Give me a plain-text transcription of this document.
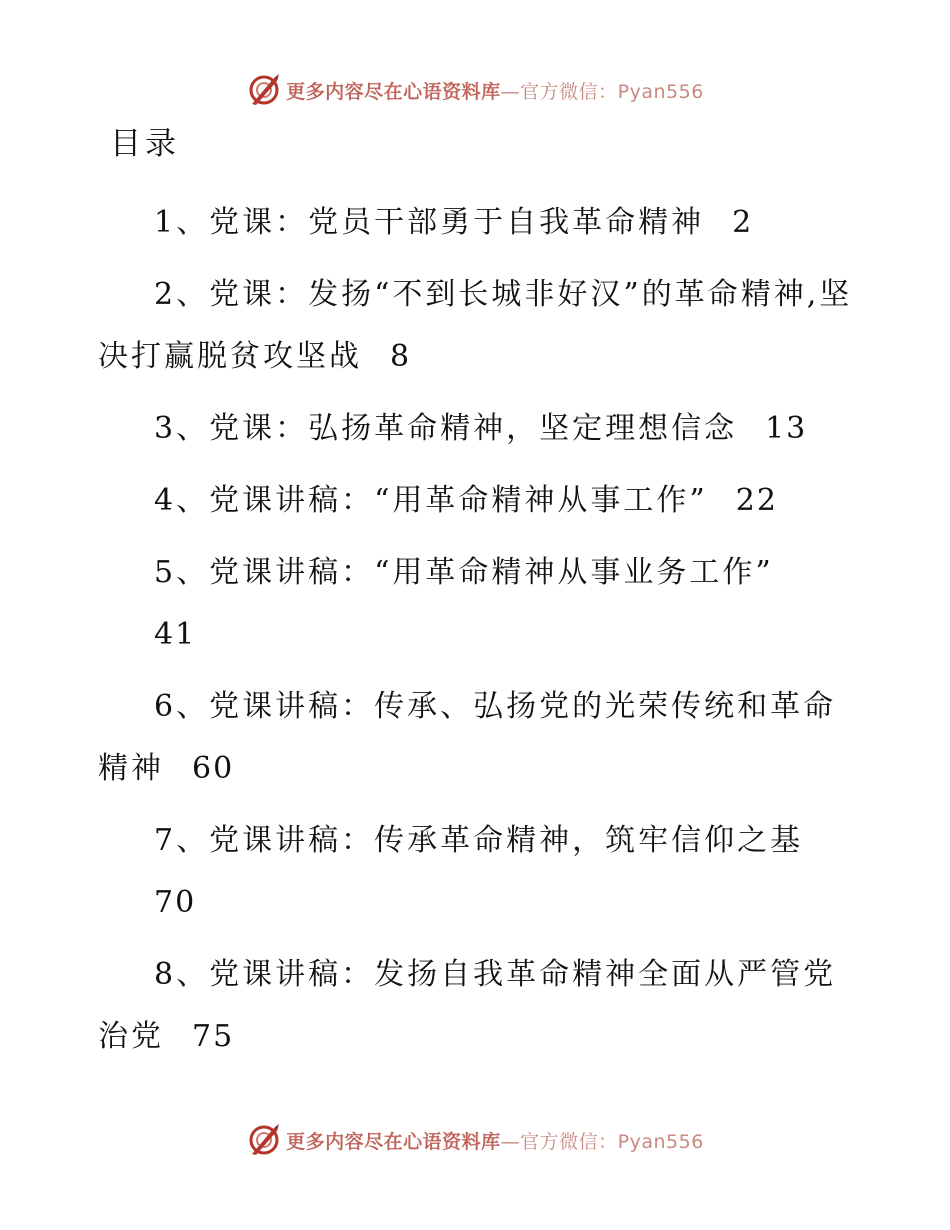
更多内容尽在心语资料库—官方微信：Pyan556
目录
1、党课：党员干部勇于自我革命精神 2
2、党课：发扬“不到长城非好汉”的革命精神,坚决打赢脱贫攻坚战 8
3、党课：弘扬革命精神，坚定理想信念 13
4、党课讲稿：“用革命精神从事工作” 22
5、党课讲稿：“用革命精神从事业务工作”
41
6、党课讲稿：传承、弘扬党的光荣传统和革命精神 60
7、党课讲稿：传承革命精神，筑牢信仰之基
70
8、党课讲稿：发扬自我革命精神全面从严管党治党 75
更多内容尽在心语资料库—官方微信：Pyan556
